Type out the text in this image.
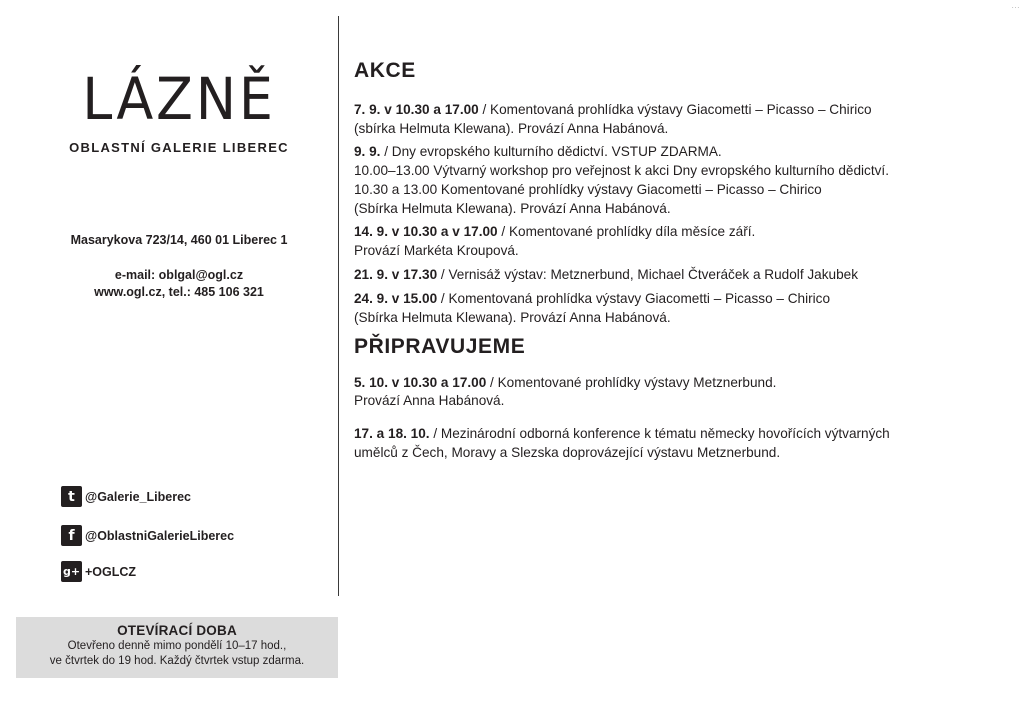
…
LÁZNĚ
OBLASTNÍ GALERIE LIBEREC
Masarykova 723/14, 460 01 Liberec 1
e-mail: oblgal@ogl.cz
www.ogl.cz, tel.: 485 106 321
t @Galerie_Liberec
f @OblastniGalerieLiberec
g+ +OGLCZ
OTEVÍRACÍ DOBA
Otevřeno denně mimo pondělí 10–17 hod.,
ve čtvrtek do 19 hod. Každý čtvrtek vstup zdarma.
AKCE
7. 9. v 10.30 a 17.00 / Komentovaná prohlídka výstavy Giacometti – Picasso – Chirico
(sbírka Helmuta Klewana). Provází Anna Habánová.
9. 9. / Dny evropského kulturního dědictví. VSTUP ZDARMA.
10.00–13.00 Výtvarný workshop pro veřejnost k akci Dny evropského kulturního dědictví.
10.30 a 13.00 Komentované prohlídky výstavy Giacometti – Picasso – Chirico
(Sbírka Helmuta Klewana). Provází Anna Habánová.
14. 9. v 10.30 a v 17.00 / Komentované prohlídky díla měsíce září.
Provází Markéta Kroupová.
21. 9. v 17.30 / Vernisáž výstav: Metznerbund, Michael Čtveráček a Rudolf Jakubek
24. 9. v 15.00 / Komentovaná prohlídka výstavy Giacometti – Picasso – Chirico
(Sbírka Helmuta Klewana). Provází Anna Habánová.
PŘIPRAVUJEME
5. 10. v 10.30 a 17.00 / Komentované prohlídky výstavy Metznerbund.
Provází Anna Habánová.
17. a 18. 10. / Mezinárodní odborná konference k tématu německy hovořících výtvarných
umělců z Čech, Moravy a Slezska doprovázející výstavu Metznerbund.
